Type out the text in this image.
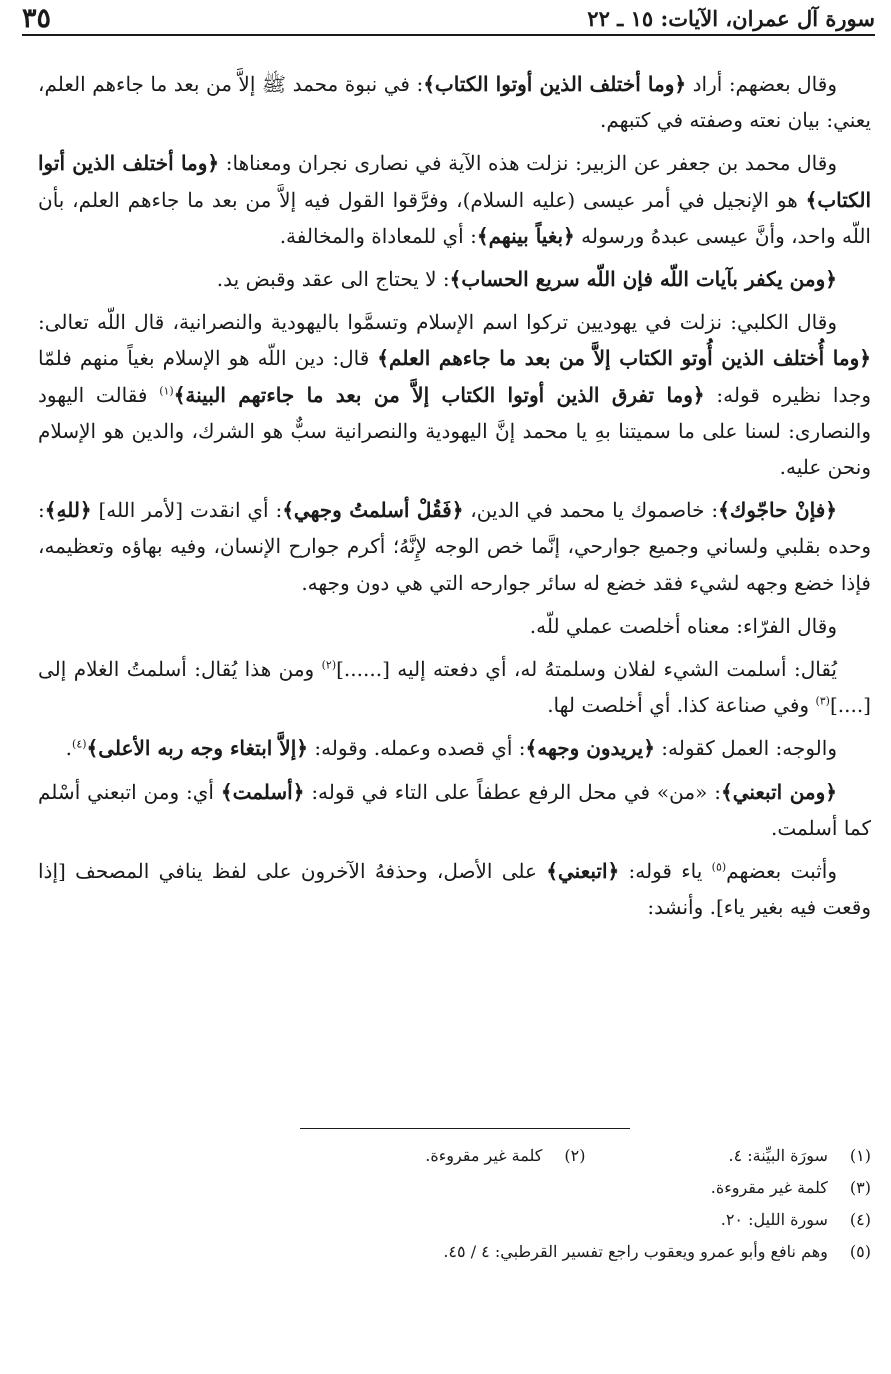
سورة آل عمران، الآيات: ١٥ ـ ٢٢
٣٥

وقال بعضهم: أراد ﴿وما أختلف الذين أوتوا الكتاب﴾: في نبوة محمد ﷺ إلاَّ من بعد ما جاءهم العلم، يعني: بيان نعته وصفته في كتبهم.

وقال محمد بن جعفر عن الزبير: نزلت هذه الآية في نصارى نجران ومعناها: ﴿وما أختلف الذين أتوا الكتاب﴾ هو الإنجيل في أمر عيسى (عليه السلام)، وفرَّقوا القول فيه إلاَّ من بعد ما جاءهم العلم، بأن اللّه واحد، وأنَّ عيسى عبدهُ ورسوله ﴿بغياً بينهم﴾: أي للمعاداة والمخالفة.

﴿ومن يكفر بآيات اللّه فإن اللّه سريع الحساب﴾: لا يحتاج الى عقد وقبض يد.

وقال الكلبي: نزلت في يهوديين تركوا اسم الإسلام وتسمَّوا باليهودية والنصرانية، قال اللّه تعالى: ﴿وما أُختلف الذين أُوتو الكتاب إلاَّ من بعد ما جاءهم العلم﴾ قال: دين اللّه هو الإسلام بغياً منهم فلمّا وجدا نظيره قوله: ﴿وما تفرق الذين أوتوا الكتاب إلاَّ من بعد ما جاءتهم البينة﴾$^{(١)}$ فقالت اليهود والنصارى: لسنا على ما سميتنا بهِ يا محمد إنَّ اليهودية والنصرانية سبٌّ هو الشرك، والدين هو الإسلام ونحن عليه.

﴿فإنْ حاجّوك﴾: خاصموك يا محمد في الدين، ﴿فَقُلْ أسلمتُ وجهي﴾: أي انقدت [لأمر الله] ﴿للهِ﴾: وحده بقلبي ولساني وجميع جوارحي، إنَّما خص الوجه لإِنَّهُ؛ أكرم جوارح الإنسان، وفيه بهاؤه وتعظيمه، فإذا خضع وجهه لشيء فقد خضع له سائر جوارحه التي هي دون وجهه.

وقال الفرّاء: معناه أخلصت عملي للّه.

يُقال: أسلمت الشيء لفلان وسلمتهُ له، أي دفعته إليه [......]$^{(٢)}$ ومن هذا يُقال: أسلمتُ الغلام إلى [....]$^{(٣)}$ وفي صناعة كذا. أي أخلصت لها.

والوجه: العمل كقوله: ﴿يريدون وجهه﴾: أي قصده وعمله. وقوله: ﴿إلاَّ ابتغاء وجه ربه الأعلى﴾$^{(٤)}$.

﴿ومن اتبعني﴾: «من» في محل الرفع عطفاً على التاء في قوله: ﴿أسلمت﴾ أي: ومن اتبعني أسْلم كما أسلمت.

وأثبت بعضهم$^{(٥)}$ ياء قوله: ﴿اتبعني﴾ على الأصل، وحذفهُ الآخرون على لفظ ينافي المصحف [إذا وقعت فيه بغير ياء]. وأنشد:

(١) سورَة البيِّنة: ٤.
(٢) كلمة غير مقروءة.
(٣) كلمة غير مقروءة.
(٤) سورة الليل: ٢٠.
(٥) وهم نافع وأبو عمرو ويعقوب راجع تفسير القرطبي: ٤ / ٤٥.
